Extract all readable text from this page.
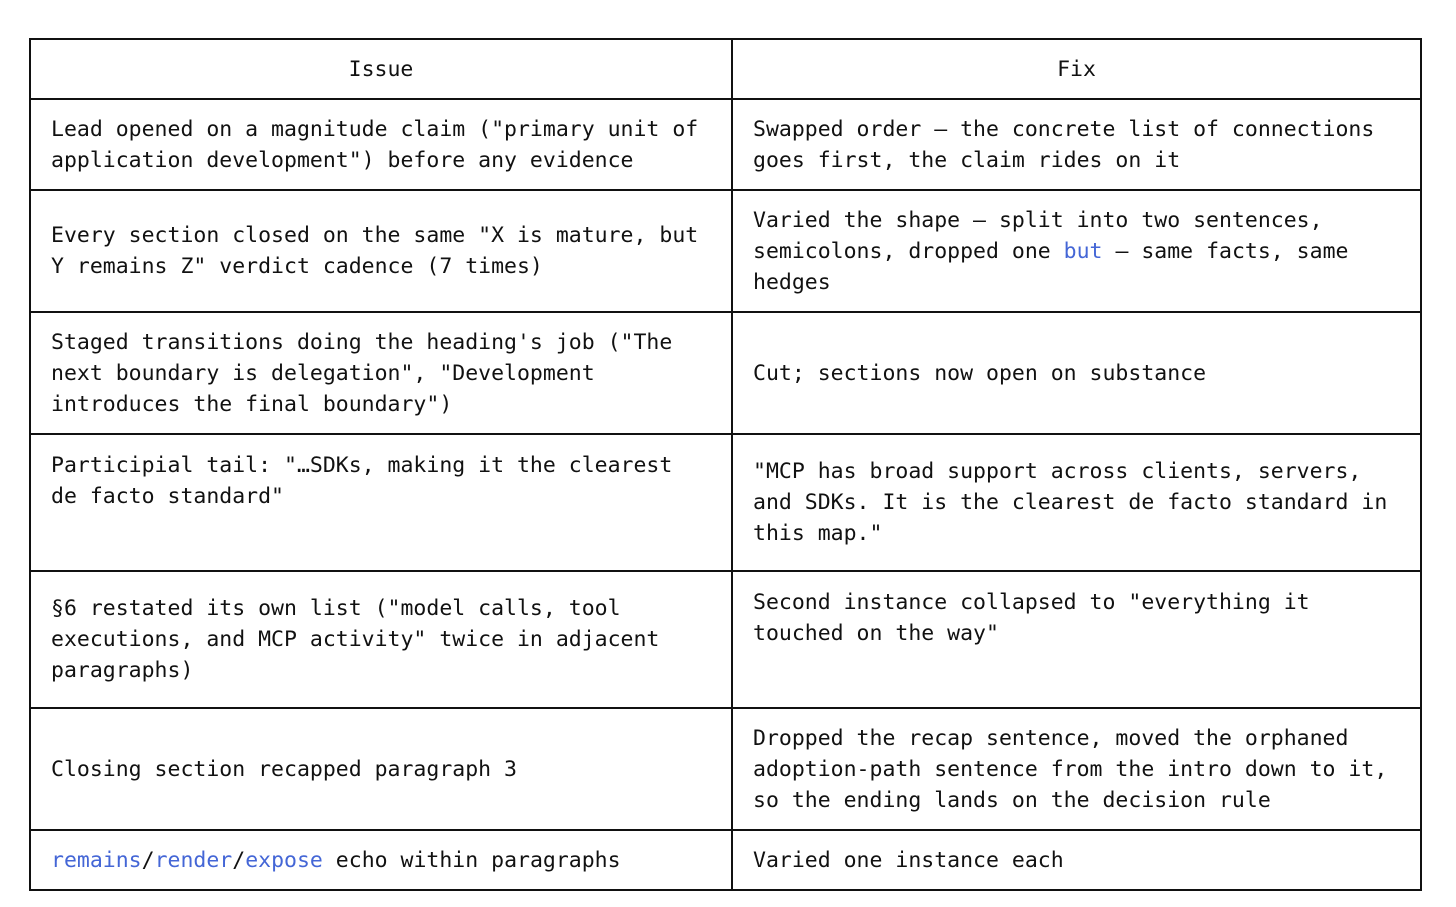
Issue	Fix
Lead opened on a magnitude claim ("primary unit of application development") before any evidence	Swapped order — the concrete list of connections goes first, the claim rides on it
Every section closed on the same "X is mature, but Y remains Z" verdict cadence (7 times)	Varied the shape — split into two sentences, semicolons, dropped one but — same facts, same hedges
Staged transitions doing the heading's job ("The next boundary is delegation", "Development introduces the final boundary")	Cut; sections now open on substance
Participial tail: "…SDKs, making it the clearest de facto standard"	"MCP has broad support across clients, servers, and SDKs. It is the clearest de facto standard in this map."
§6 restated its own list ("model calls, tool executions, and MCP activity" twice in adjacent paragraphs)	Second instance collapsed to "everything it touched on the way"
Closing section recapped paragraph 3	Dropped the recap sentence, moved the orphaned adoption-path sentence from the intro down to it, so the ending lands on the decision rule
remains/render/expose echo within paragraphs	Varied one instance each
